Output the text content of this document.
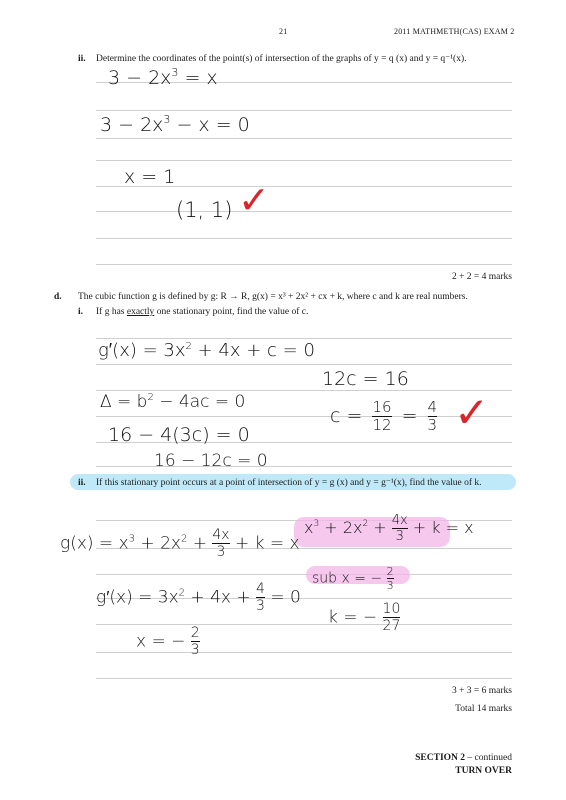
21	2011 MATHMETH(CAS) EXAM 2
ii. Determine the coordinates of the point(s) of intersection of the graphs of y = q (x) and y = q⁻¹(x).
$3 - 2x^3 = x$
$3 - 2x^3 - x = 0$
x = 1
(1, 1) ✓
2 + 2 = 4 marks
d. The cubic function g is defined by g: R → R, g(x) = x³ + 2x² + cx + k, where c and k are real numbers.
i. If g has exactly one stationary point, find the value of c.
$g'(x) = 3x^2 + 4x + c = 0$
$\Delta = b^2 - 4ac = 0$
16 − 4(3c) = 0
16 − 12c = 0
12c = 16
$c = \frac{16}{12} = \frac{4}{3}$ ✓
ii. If this stationary point occurs at a point of intersection of y = g (x) and y = g⁻¹(x), find the value of k.
$g(x) = x^3 + 2x^2 + \frac{4x}{3} + k = x$
$g'(x) = 3x^2 + 4x + \frac{4}{3} = 0$
x = − $\frac{2}{3}$
$x^3 + 2x^2 + \frac{4x}{3} + k = x$
sub x = − $\frac{2}{3}$
k = − $\frac{10}{27}$
3 + 3 = 6 marks
Total 14 marks
SECTION 2 – continued
TURN OVER
